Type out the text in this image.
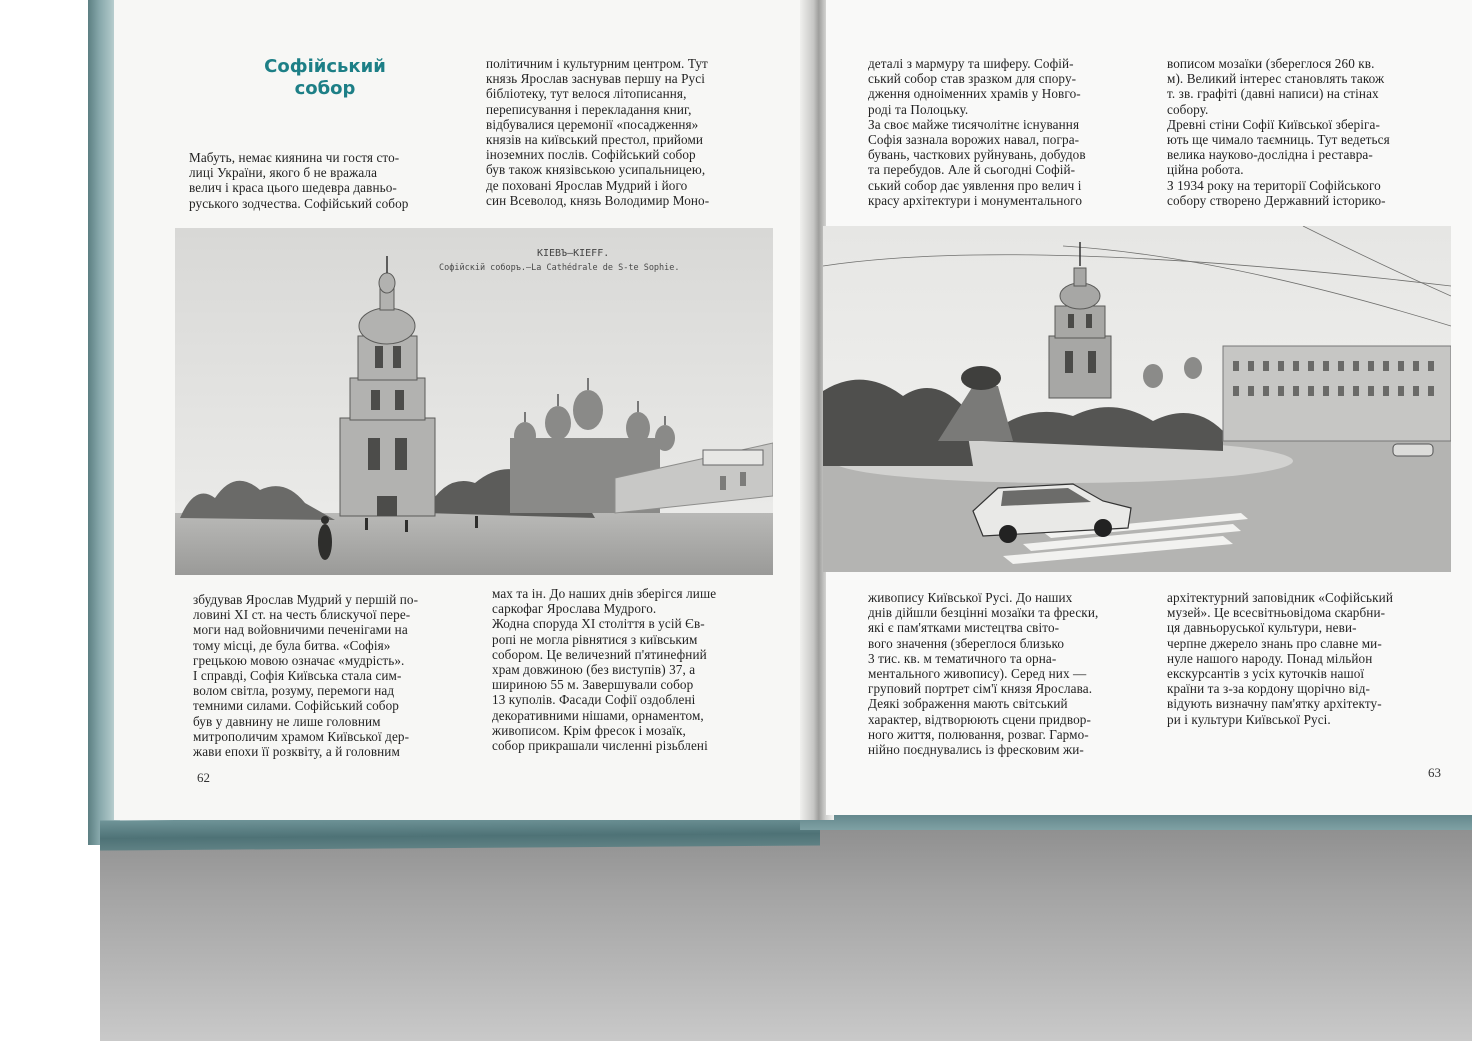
Софійський
собор
Мабуть, немає киянина чи гостя сто-
лиці України, якого б не вражала
велич і краса цього шедевра давньо-
руського зодчества. Софійський собор
політичним і культурним центром. Тут
князь Ярослав заснував першу на Русі
бібліотеку, тут велося літописання,
переписування і перекладання книг,
відбувалися церемонії «посадження»
князів на київський престол, прийоми
іноземних послів. Софійський собор
був також князівською усипальницею,
де поховані Ярослав Мудрий і його
син Всеволод, князь Володимир Моно-
КІЕВЪ—KIEFF.
Софійскій соборъ.—La Cathédrale de S-te Sophie.
збудував Ярослав Мудрий у першій по-
ловині XI ст. на честь блискучої пере-
моги над войовничими печенігами на
тому місці, де була битва. «Софія»
грецькою мовою означає «мудрість».
І справді, Софія Київська стала сим-
волом світла, розуму, перемоги над
темними силами. Софійський собор
був у давнину не лише головним
митрополичим храмом Київської дер-
жави епохи її розквіту, а й головним
мах та ін. До наших днів зберігся лише
саркофаг Ярослава Мудрого.
Жодна споруда XI століття в усій Єв-
ропі не могла рівнятися з київським
собором. Це величезний п'ятинефний
храм довжиною (без виступів) 37, а
шириною 55 м. Завершували собор
13 куполів. Фасади Софії оздоблені
декоративними нішами, орнаментом,
живописом. Крім фресок і мозаїк,
собор прикрашали численні різьблені
62
деталі з мармуру та шиферу. Софій-
ський собор став зразком для спору-
дження одноіменних храмів у Новго-
роді та Полоцьку.
За своє майже тисячолітнє існування
Софія зазнала ворожих навал, погра-
бувань, часткових руйнувань, добудов
та перебудов. Але й сьогодні Софій-
ський собор дає уявлення про велич і
красу архітектури і монументального
вописом мозаїки (збереглося 260 кв.
м). Великий інтерес становлять також
т. зв. графіті (давні написи) на стінах
собору.
Древні стіни Софії Київської зберіга-
ють ще чимало таємниць. Тут ведеться
велика науково-дослідна і реставра-
ційна робота.
З 1934 року на території Софійського
собору створено Державний історико-
живопису Київської Русі. До наших
днів дійшли безцінні мозаїки та фрески,
які є пам'ятками мистецтва світо-
вого значення (збереглося близько
3 тис. кв. м тематичного та орна-
ментального живопису). Серед них —
груповий портрет сім'ї князя Ярослава.
Деякі зображення мають світський
характер, відтворюють сцени придвор-
ного життя, полювання, розваг. Гармо-
нійно поєднувались із фресковим жи-
архітектурний заповідник «Софійський
музей». Це всесвітньовідома скарбни-
ця давньоруської культури, неви-
черпне джерело знань про славне ми-
нуле нашого народу. Понад мільйон
екскурсантів з усіх куточків нашої
країни та з-за кордону щорічно від-
відують визначну пам'ятку архітекту-
ри і культури Київської Русі.
63
